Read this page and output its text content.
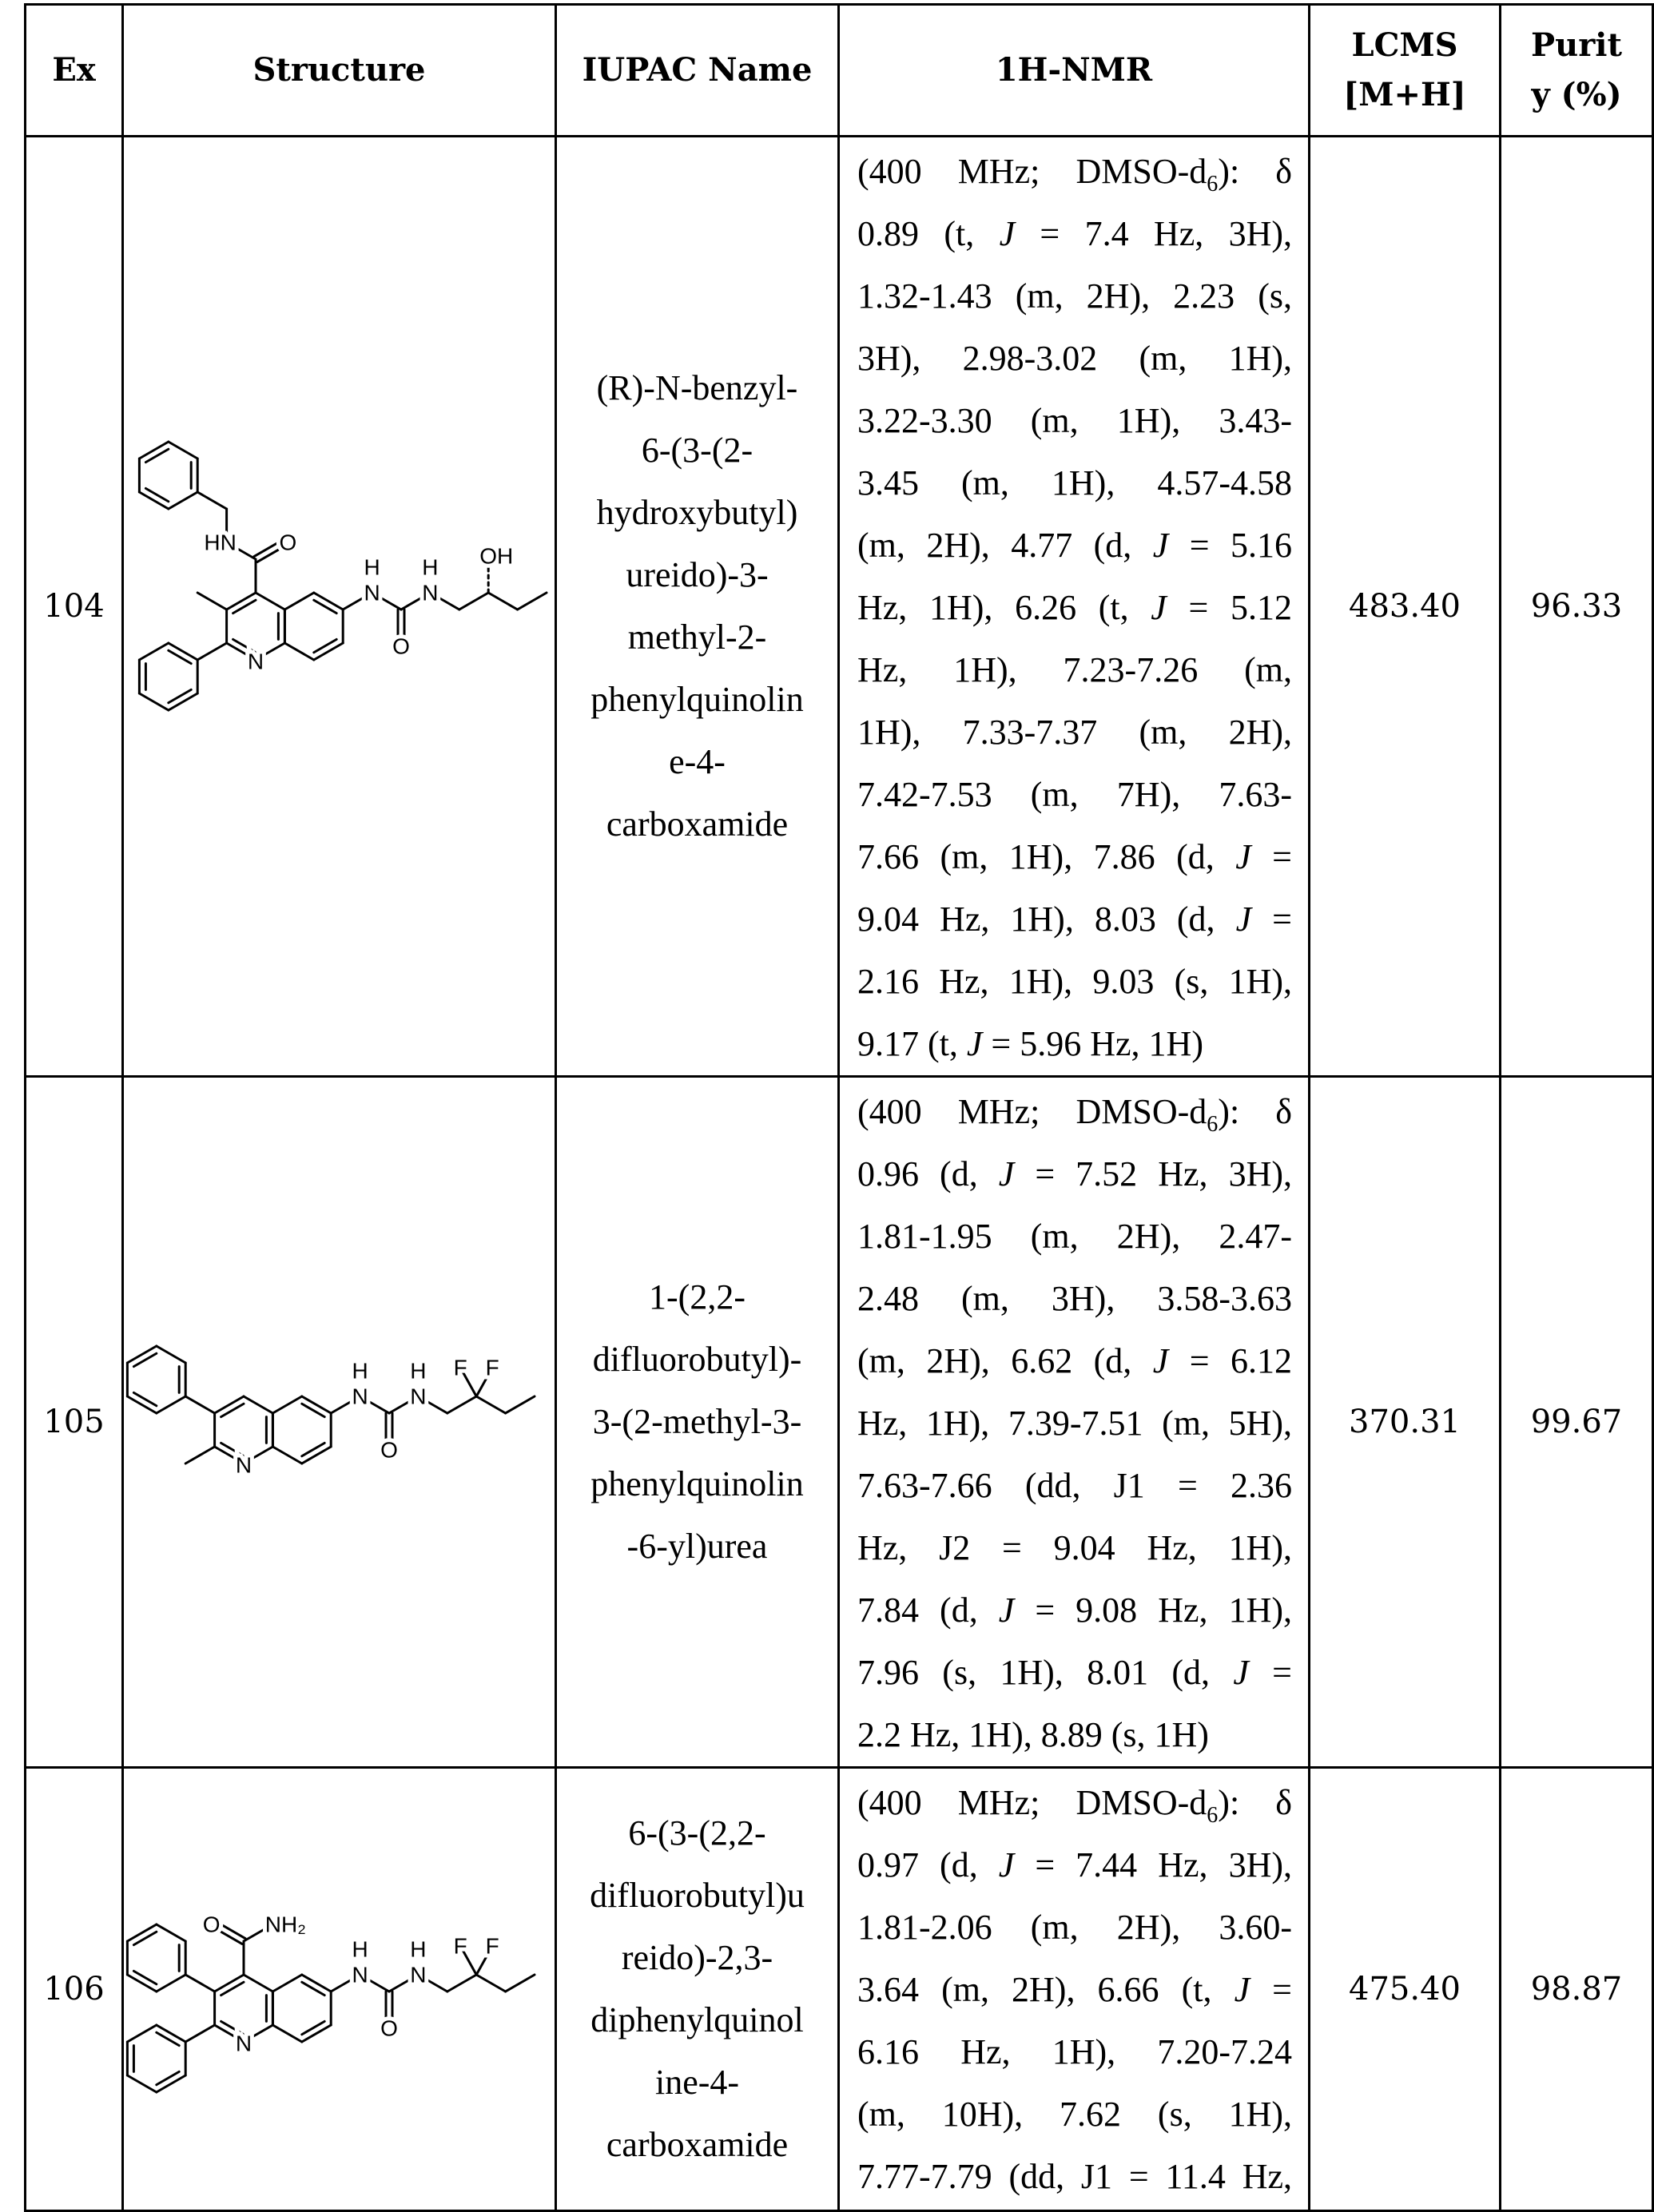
Ex	Structure	IUPAC Name	1H-NMR	LCMS
[M+H]	Purit
y (%)
104	
HN O
N
N
H
O
N
H OH

(R)-N-benzyl-
6-(3-(2-
hydroxybutyl)
ureido)-3-
methyl-2-
phenylquinolin
e-4-
carboxamide

(400 MHz; DMSO-d6): δ
0.89 (t, J = 7.4 Hz, 3H),
1.32-1.43 (m, 2H), 2.23 (s,
3H), 2.98-3.02 (m, 1H),
3.22-3.30 (m, 1H), 3.43-
3.45 (m, 1H), 4.57-4.58
(m, 2H), 4.77 (d, J = 5.16
Hz, 1H), 6.26 (t, J = 5.12
Hz, 1H), 7.23-7.26 (m,
1H), 7.33-7.37 (m, 2H),
7.42-7.53 (m, 7H), 7.63-
7.66 (m, 1H), 7.86 (d, J =
9.04 Hz, 1H), 8.03 (d, J =
2.16 Hz, 1H), 9.03 (s, 1H),
9.17 (t, J = 5.96 Hz, 1H)
	483.40	96.33
105	
N
N
H
O
N
H F F

1-(2,2-
difluorobutyl)-
3-(2-methyl-3-
phenylquinolin
-6-yl)urea

(400 MHz; DMSO-d6): δ
0.96 (d, J = 7.52 Hz, 3H),
1.81-1.95 (m, 2H), 2.47-
2.48 (m, 3H), 3.58-3.63
(m, 2H), 6.62 (d, J = 6.12
Hz, 1H), 7.39-7.51 (m, 5H),
7.63-7.66 (dd, J1 = 2.36
Hz, J2 = 9.04 Hz, 1H),
7.84 (d, J = 9.08 Hz, 1H),
7.96 (s, 1H), 8.01 (d, J =
2.2 Hz, 1H), 8.89 (s, 1H)
	370.31	99.67
106	
O NH₂
N
N
H
O
N
H F F

6-(3-(2,2-
difluorobutyl)u
reido)-2,3-
diphenylquinol
ine-4-
carboxamide

(400 MHz; DMSO-d6): δ
0.97 (d, J = 7.44 Hz, 3H),
1.81-2.06 (m, 2H), 3.60-
3.64 (m, 2H), 6.66 (t, J =
6.16 Hz, 1H), 7.20-7.24
(m, 10H), 7.62 (s, 1H),
7.77-7.79 (dd, J1 = 11.4 Hz,
	475.40	98.87
